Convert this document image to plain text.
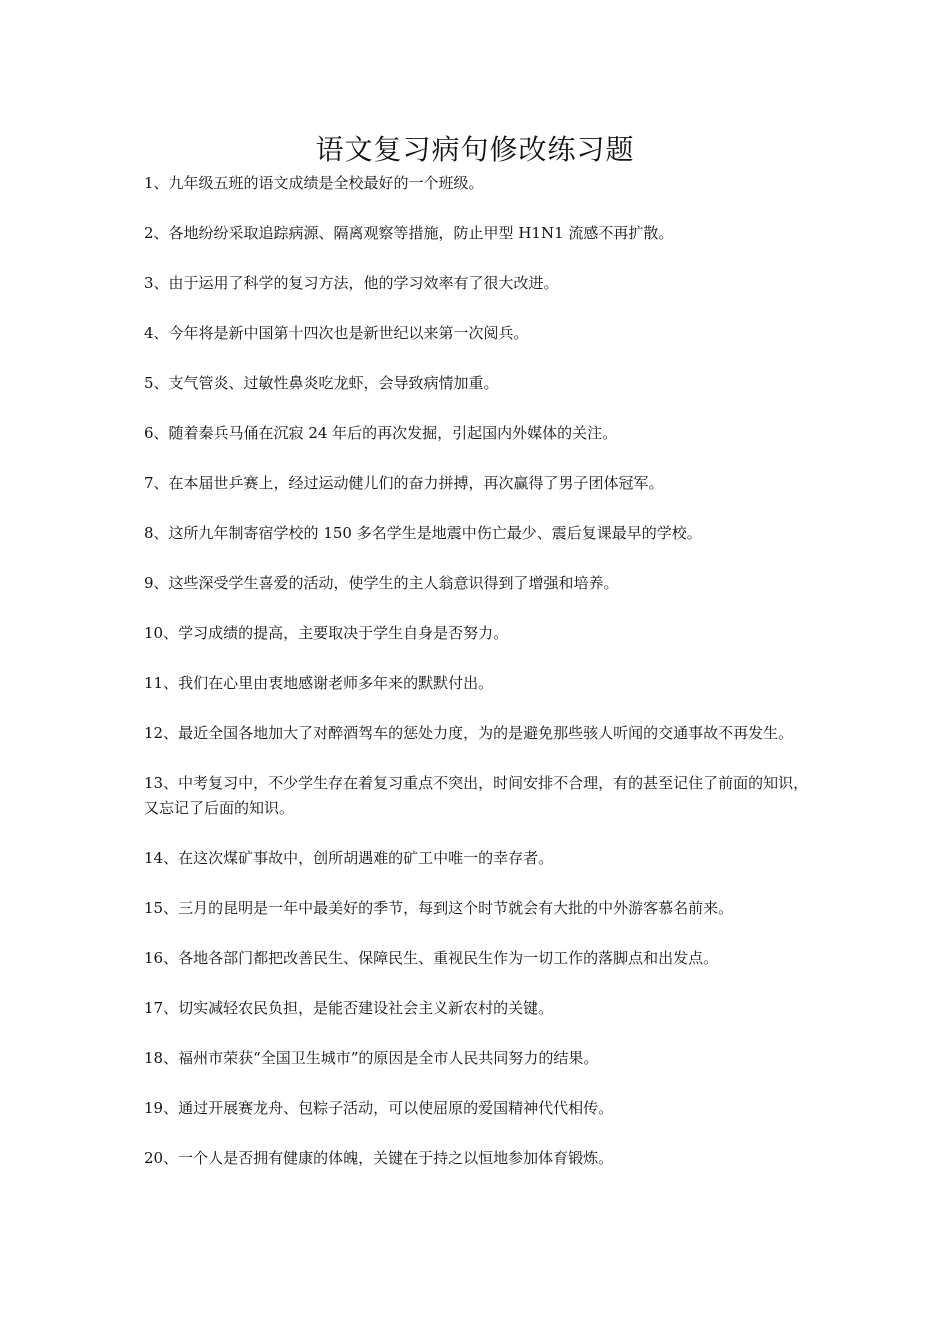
语文复习病句修改练习题
1、九年级五班的语文成绩是全校最好的一个班级。
2、各地纷纷采取追踪病源、隔离观察等措施，防止甲型 H1N1 流感不再扩散。
3、由于运用了科学的复习方法，他的学习效率有了很大改进。
4、今年将是新中国第十四次也是新世纪以来第一次阅兵。
5、支气管炎、过敏性鼻炎吃龙虾，会导致病情加重。
6、随着秦兵马俑在沉寂 24 年后的再次发掘，引起国内外媒体的关注。
7、在本届世乒赛上，经过运动健儿们的奋力拼搏，再次赢得了男子团体冠军。
8、这所九年制寄宿学校的 150 多名学生是地震中伤亡最少、震后复课最早的学校。
9、这些深受学生喜爱的活动，使学生的主人翁意识得到了增强和培养。
10、学习成绩的提高，主要取决于学生自身是否努力。
11、我们在心里由衷地感谢老师多年来的默默付出。
12、最近全国各地加大了对醉酒驾车的惩处力度，为的是避免那些骇人听闻的交通事故不再发生。
13、中考复习中，不少学生存在着复习重点不突出，时间安排不合理，有的甚至记住了前面的知识，又忘记了后面的知识。
14、在这次煤矿事故中，创所胡遇难的矿工中唯一的幸存者。
15、三月的昆明是一年中最美好的季节，每到这个时节就会有大批的中外游客慕名前来。
16、各地各部门都把改善民生、保障民生、重视民生作为一切工作的落脚点和出发点。
17、切实减轻农民负担，是能否建设社会主义新农村的关键。
18、福州市荣获“全国卫生城市”的原因是全市人民共同努力的结果。
19、通过开展赛龙舟、包粽子活动，可以使屈原的爱国精神代代相传。
20、一个人是否拥有健康的体魄，关键在于持之以恒地参加体育锻炼。
